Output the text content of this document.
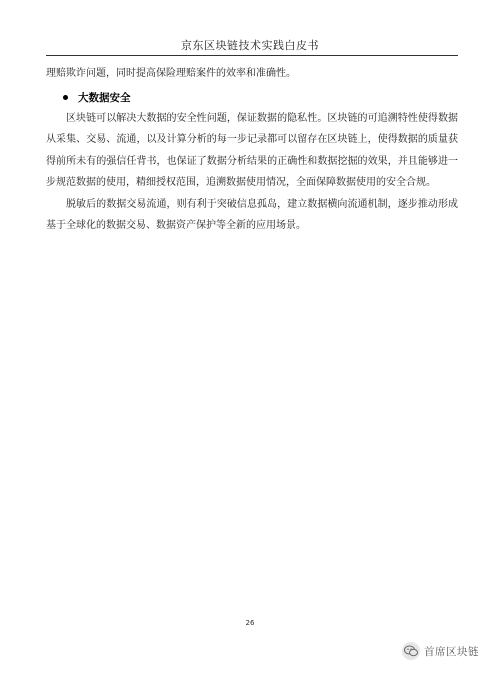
京东区块链技术实践白皮书

理赔欺诈问题，同时提高保险理赔案件的效率和准确性。

大数据安全

区块链可以解决大数据的安全性问题，保证数据的隐私性。区块链的可追溯特性使得数据从采集、交易、流通，以及计算分析的每一步记录都可以留存在区块链上，使得数据的质量获得前所未有的强信任背书，也保证了数据分析结果的正确性和数据挖掘的效果，并且能够进一步规范数据的使用，精细授权范围，追溯数据使用情况，全面保障数据使用的安全合规。

脱敏后的数据交易流通，则有利于突破信息孤岛，建立数据横向流通机制，逐步推动形成基于全球化的数据交易、数据资产保护等全新的应用场景。

26
首席区块链
